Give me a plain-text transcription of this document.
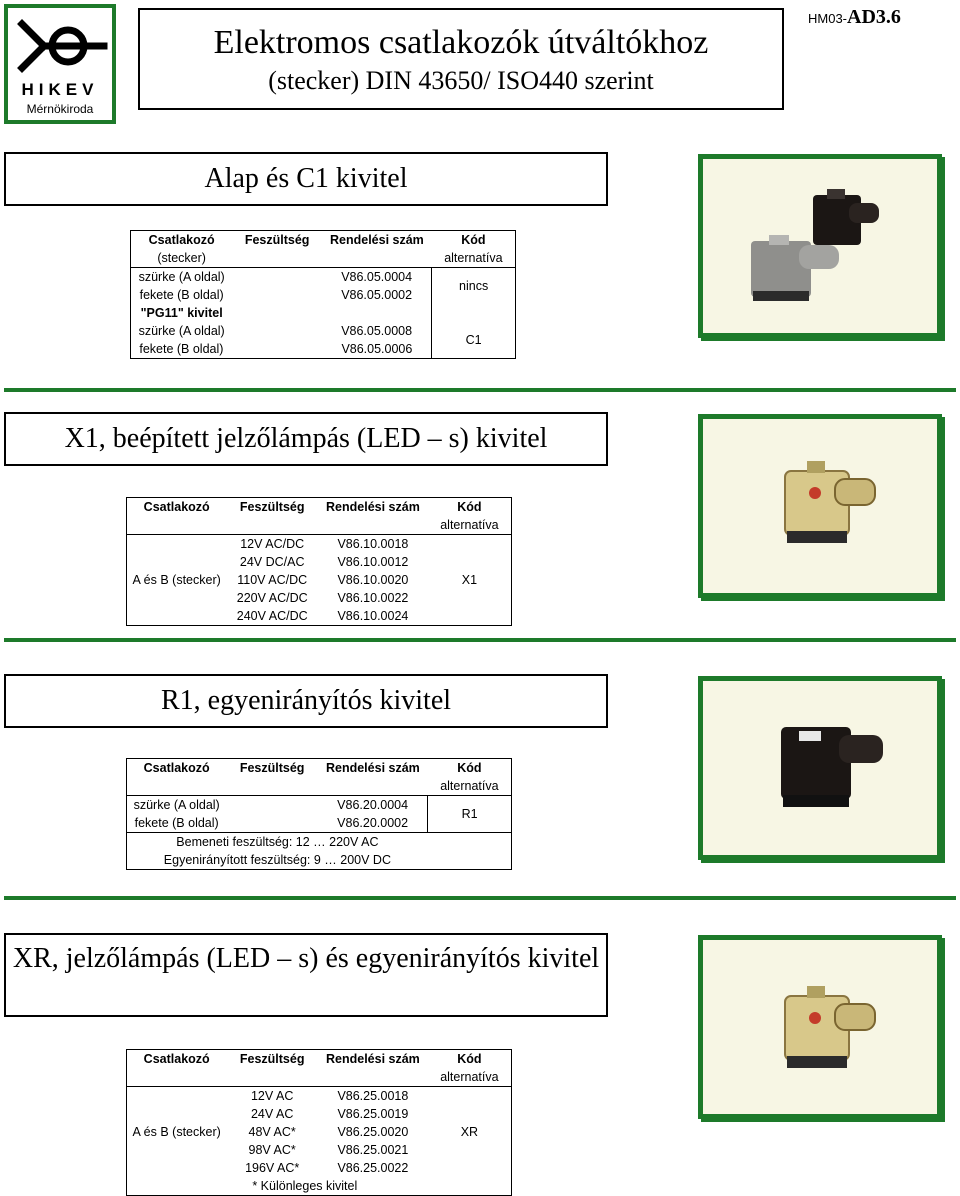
HIKEV
Mérnökiroda
Elektromos csatlakozók útváltókhoz
(stecker) DIN 43650/ ISO440 szerint
HM03-AD3.6
Alap és C1 kivitel
Csatlakozó	Feszültség	Rendelési szám	Kód
(stecker)			alternatíva
szürke (A oldal)		V86.05.0004	nincs
fekete (B oldal)		V86.05.0002	
"PG11" kivitel			
szürke (A oldal)		V86.05.0008	C1
fekete (B oldal)		V86.05.0006	
X1, beépített jelzőlámpás (LED – s) kivitel
Csatlakozó	Feszültség	Rendelési szám	Kód
			alternatíva
A és B (stecker)	12V AC/DC	V86.10.0018	X1
	24V DC/AC	V86.10.0012	
	110V AC/DC	V86.10.0020	
	220V AC/DC	V86.10.0022	
	240V AC/DC	V86.10.0024	
R1, egyenirányítós kivitel
Csatlakozó	Feszültség	Rendelési szám	Kód
			alternatíva
szürke (A oldal)		V86.20.0004	R1
fekete (B oldal)		V86.20.0002	
Bemeneti feszültség: 12 … 220V AC			
Egyenirányított feszültség: 9 … 200V DC			
XR, jelzőlámpás (LED – s) és egyenirányítós kivitel
Csatlakozó	Feszültség	Rendelési szám	Kód
			alternatíva
A és B (stecker)	12V AC	V86.25.0018	XR
	24V AC	V86.25.0019	
	48V AC*	V86.25.0020	
	98V AC*	V86.25.0021	
	196V AC*	V86.25.0022	
	* Különleges kivitel		
